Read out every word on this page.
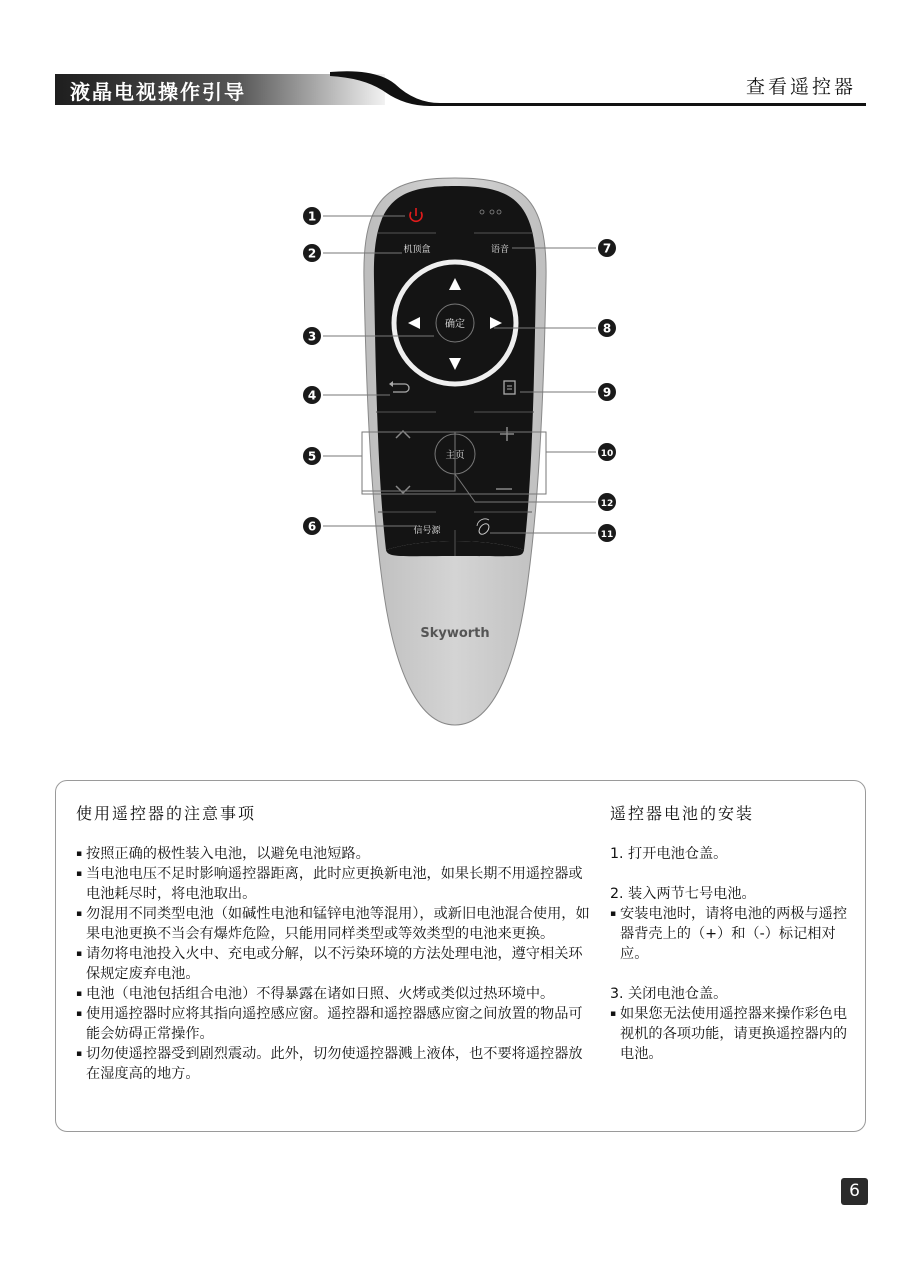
液晶电视操作引导	查看遥控器
机顶盒	语音
确定
主页
信号源
Skyworth
1
2
3
4
5
6
7
8
9
10
11
12
使用遥控器的注意事项
▪ 按照正确的极性装入电池，以避免电池短路。
▪ 当电池电压不足时影响遥控器距离，此时应更换新电池，如果长期不用遥控器或电池耗尽时，将电池取出。
▪ 勿混用不同类型电池（如碱性电池和锰锌电池等混用），或新旧电池混合使用，如果电池更换不当会有爆炸危险，只能用同样类型或等效类型的电池来更换。
▪ 请勿将电池投入火中、充电或分解，以不污染环境的方法处理电池，遵守相关环保规定废弃电池。
▪ 电池（电池包括组合电池）不得暴露在诸如日照、火烤或类似过热环境中。
▪ 使用遥控器时应将其指向遥控感应窗。遥控器和遥控器感应窗之间放置的物品可能会妨碍正常操作。
▪ 切勿使遥控器受到剧烈震动。此外，切勿使遥控器溅上液体，也不要将遥控器放在湿度高的地方。
遥控器电池的安装
1. 打开电池仓盖。
2. 装入两节七号电池。
▪ 安装电池时，请将电池的两极与遥控器背壳上的（+）和（-）标记相对应。
3. 关闭电池仓盖。
▪ 如果您无法使用遥控器来操作彩色电视机的各项功能，请更换遥控器内的电池。
6
